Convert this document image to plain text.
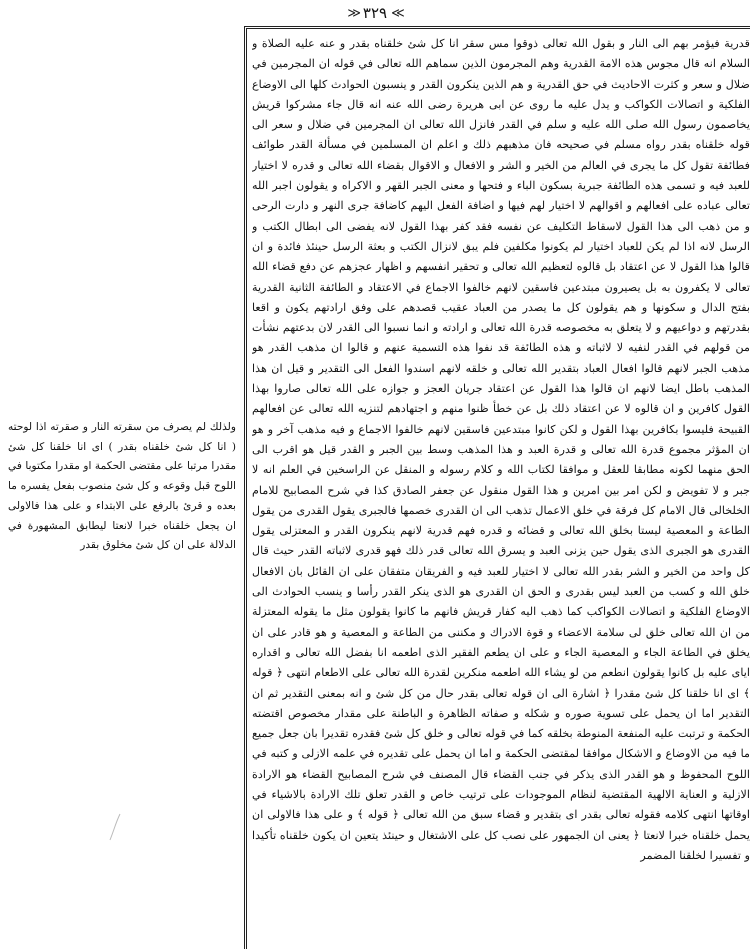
≫
٣٢٩
≪

قدرية فيؤمر بهم الى النار و بقول الله تعالى ذوقوا مس سقر انا كل شئ خلقناه بقدر و عنه عليه الصلاة و السلام انه قال مجوس هذه الامة القدرية وهم المجرمون الذين سماهم الله تعالى في قوله ان المجرمين في ضلال و سعر و كثرت الاحاديث في حق القدرية و هم الذين ينكرون القدر و ينسبون الحوادث كلها الى الاوضاع الفلكية و اتصالات الكواكب و يدل عليه ما روى عن ابى هريرة رضى الله عنه انه قال جاء مشركوا قريش يخاصمون رسول الله صلى الله عليه و سلم في القدر فانزل الله تعالى ان المجرمين في ضلال و سعر الى قوله خلقناه بقدر رواه مسلم في صحيحه فان مذهبهم ذلك و اعلم ان المسلمين في مسألة القدر طوائف فطائفة تقول كل ما يجرى في العالم من الخير و الشر و الافعال و الاقوال بقضاء الله تعالى و قدره لا اختيار للعبد فيه و تسمى هذه الطائفة جبرية بسكون الباء و فتحها و معنى الجبر القهر و الاكراه و يقولون اجبر الله تعالى عباده على افعالهم و اقوالهم لا اختيار لهم فيها و اضافة الفعل اليهم كاضافة جرى النهر و دارت الرحى و من ذهب الى هذا القول لاسقاط التكليف عن نفسه فقد كفر بهذا القول لانه يفضى الى ابطال الكتب و الرسل لانه اذا لم يكن للعباد اختيار لم يكونوا مكلفين فلم يبق لانزال الكتب و بعثة الرسل حينئذ فائدة و ان قالوا هذا القول لا عن اعتقاد بل قالوه لتعظيم الله تعالى و تحقير انفسهم و اظهار عجزهم عن دفع قضاء الله تعالى لا يكفرون به بل يصيرون مبتدعين فاسقين لانهم خالفوا الاجماع في الاعتقاد و الطائفة الثانية القدرية بفتح الدال و سكونها و هم يقولون كل ما يصدر من العباد عقيب قصدهم على وفق ارادتهم يكون و اقعا بقدرتهم و دواعيهم و لا يتعلق به مخصوصه قدرة الله تعالى و ارادته و انما نسبوا الى القدر لان بدعتهم نشأت من قولهم في القدر لنفيه لا لاثباته و هذه الطائفة قد نفوا هذه التسمية عنهم و قالوا ان مذهب القدر هو مذهب الجبر لانهم قالوا افعال العباد بتقدير الله تعالى و خلقه لانهم اسندوا الفعل الى التقدير و قيل ان هذا المذهب باطل ايضا لانهم ان قالوا هذا القول عن اعتقاد جريان العجز و جوازه على الله تعالى صاروا بهذا القول كافرين و ان قالوه لا عن اعتقاد ذلك بل عن خطأ ظنوا منهم و اجتهادهم لتنزيه الله تعالى عن افعالهم القبيحة فليسوا بكافرين بهذا القول و لكن كانوا مبتدعين فاسقين لانهم خالفوا الاجماع و فيه مذهب آخر و هو ان المؤثر مجموع قدرة الله تعالى و قدرة العبد و هذا المذهب وسط بين الجبر و القدر قيل هو اقرب الى الحق منهما لكونه مطابقا للعقل و موافقا لكتاب الله و كلام رسوله و المنقل عن الراسخين في العلم انه لا جبر و لا تفويض و لكن امر بين امرين و هذا القول منقول عن جعفر الصادق كذا في شرح المصابيح للامام الخلخالى قال الامام كل فرقة في خلق الاعمال تذهب الى ان القدرى خصمها فالجبرى يقول القدرى من يقول الطاعة و المعصية ليستا بخلق الله تعالى و قضائه و قدره فهم قدرية لانهم ينكرون القدر و المعتزلى يقول القدرى هو الجبرى الذى يقول حين يزنى العبد و يسرق الله تعالى قدر ذلك فهو قدرى لاثباته القدر حيث قال كل واحد من الخير و الشر بقدر الله تعالى لا اختيار للعبد فيه و الفريقان متفقان على ان القائل بان الافعال خلق الله و كسب من العبد ليس بقدرى و الحق ان القدرى هو الذى ينكر القدر رأسا و ينسب الحوادث الى الاوضاع الفلكية و اتصالات الكواكب كما ذهب اليه كفار قريش فانهم ما كانوا يقولون مثل ما يقوله المعتزلة من ان الله تعالى خلق لى سلامة الاعضاء و قوة الادراك و مكننى من الطاعة و المعصية و هو قادر على ان يخلق في الطاعة الجاء و المعصية الجاء و على ان يطعم الفقير الذى اطعمه انا بفضل الله تعالى و اقداره اياى عليه بل كانوا يقولون انطعم من لو يشاء الله اطعمه منكرين لقدرة الله تعالى على الاطعام انتهى ﴿ قوله ﴾ اى انا خلقنا كل شئ مقدرا ﴿ اشارة الى ان قوله تعالى بقدر حال من كل شئ و انه بمعنى التقدير ثم ان التقدير اما ان يحمل على تسوية صوره و شكله و صفاته الظاهرة و الباطنة على مقدار مخصوص اقتضته الحكمة و ترتبت عليه المنفعة المنوطة بخلقه كما في قوله تعالى و خلق كل شئ فقدره تقديرا بان جعل جميع ما فيه من الاوضاع و الاشكال موافقا لمقتضى الحكمة و اما ان يحمل على تقديره في علمه الازلى و كتبه في اللوح المحفوظ و هو القدر الذى يذكر في جنب القضاء قال المصنف في شرح المصابيح القضاء هو الارادة الازلية و العناية الالهية المقتضية لنظام الموجودات على ترتيب خاص و القدر تعلق تلك الارادة بالاشياء في اوقاتها انتهى كلامه فقوله تعالى بقدر اى بتقدير و قضاء سبق من الله تعالى ﴿ قوله ﴾ و على هذا فالاولى ان يحمل خلقناه خبرا لانعتا ﴿ يعنى ان الجمهور على نصب كل على الاشتغال و حينئذ يتعين ان يكون خلقناه تأكيدا و تفسيرا لخلقنا المضمر

ولذلك لم يصرف من سقرته النار و صقرته اذا لوحته ( انا كل شئ خلقناه بقدر ) اى انا خلقنا كل شئ مقدرا مرتبا على مقتضى الحكمة او مقدرا مكتوبا في اللوح قبل وقوعه و كل شئ منصوب بفعل يفسره ما بعده و قرئ بالرفع على الابتداء و على هذا فالاولى ان يجعل خلقناه خبرا لانعتا ليطابق المشهورة في الدلالة على ان كل شئ مخلوق بقدر
